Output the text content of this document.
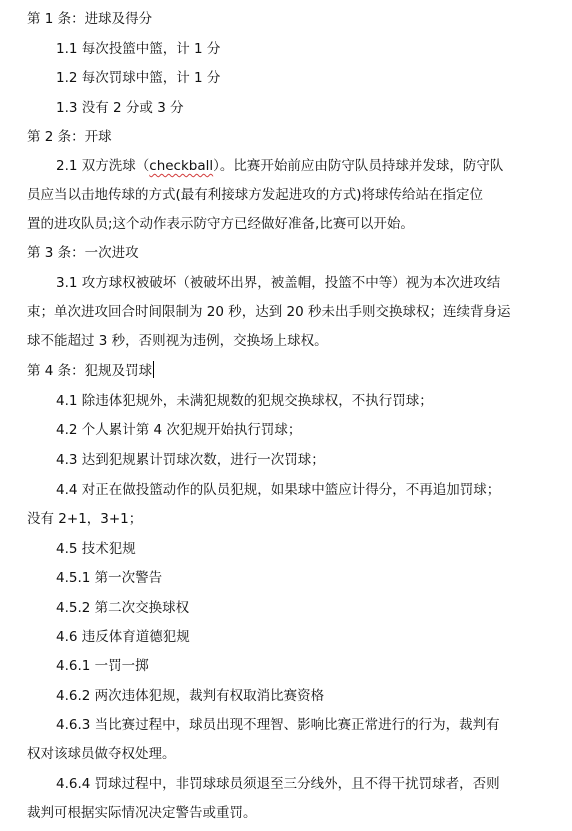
第 1 条：进球及得分
1.1 每次投篮中篮，计 1 分
1.2 每次罚球中篮，计 1 分
1.3 没有 2 分或 3 分
第 2 条：开球
2.1 双方洗球（checkball）。比赛开始前应由防守队员持球并发球，防守队
员应当以击地传球的方式(最有利接球方发起进攻的方式)将球传给站在指定位
置的进攻队员;这个动作表示防守方已经做好准备,比赛可以开始。
第 3 条：一次进攻
3.1 攻方球权被破坏（被破坏出界，被盖帽，投篮不中等）视为本次进攻结
束；单次进攻回合时间限制为 20 秒，达到 20 秒未出手则交换球权；连续背身运
球不能超过 3 秒，否则视为违例，交换场上球权。
第 4 条：犯规及罚球
4.1 除违体犯规外，未满犯规数的犯规交换球权，不执行罚球；
4.2 个人累计第 4 次犯规开始执行罚球；
4.3 达到犯规累计罚球次数，进行一次罚球；
4.4 对正在做投篮动作的队员犯规，如果球中篮应计得分，不再追加罚球；
没有 2+1，3+1；
4.5 技术犯规
4.5.1 第一次警告
4.5.2 第二次交换球权
4.6 违反体育道德犯规
4.6.1 一罚一掷
4.6.2 两次违体犯规，裁判有权取消比赛资格
4.6.3 当比赛过程中，球员出现不理智、影响比赛正常进行的行为，裁判有
权对该球员做夺权处理。
4.6.4 罚球过程中，非罚球球员须退至三分线外，且不得干扰罚球者，否则
裁判可根据实际情况决定警告或重罚。
